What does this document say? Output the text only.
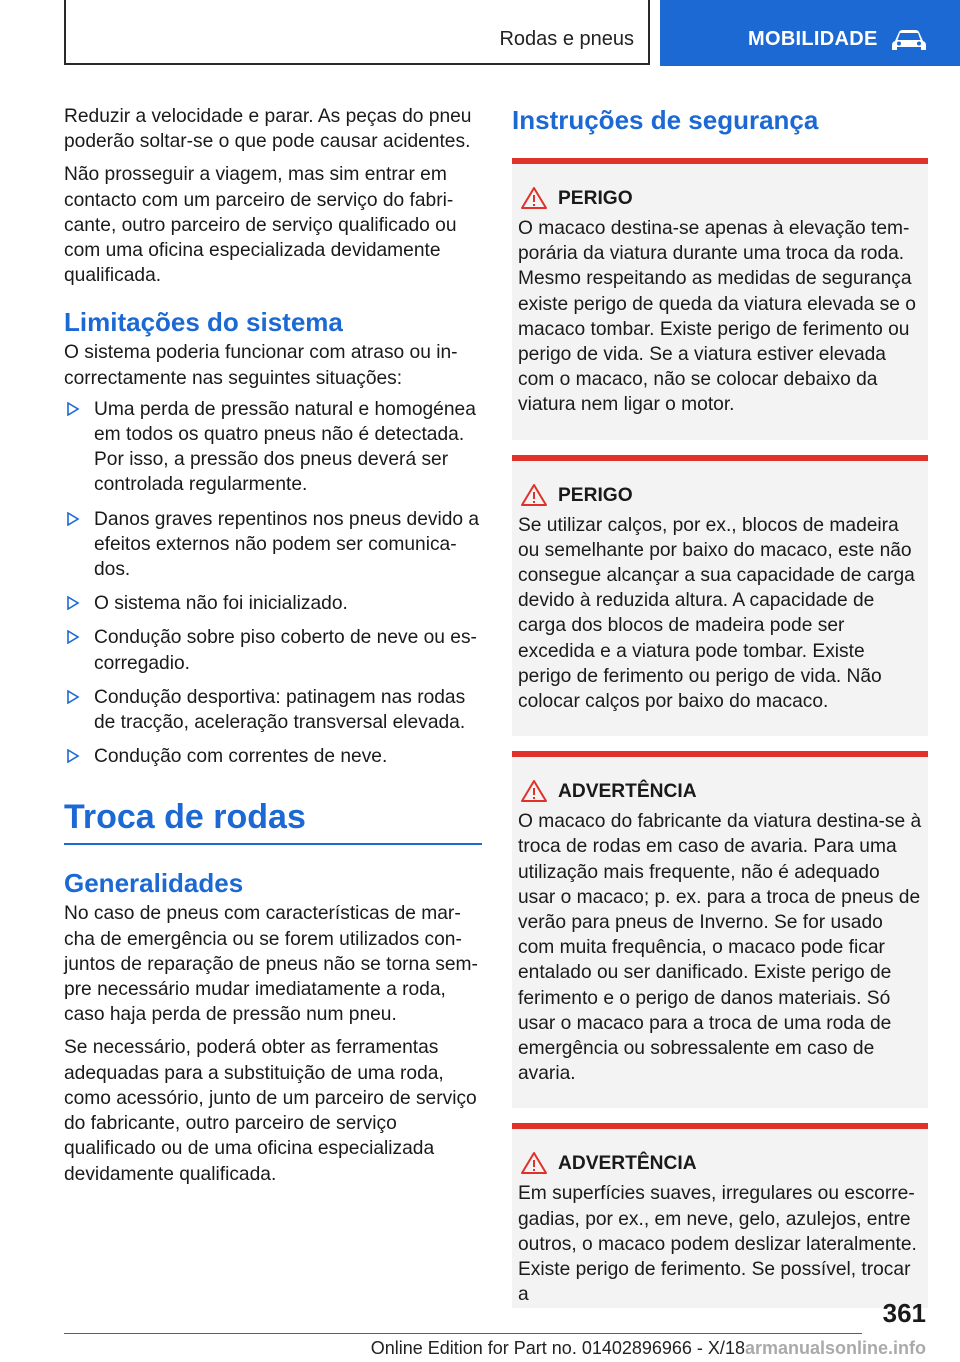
Rodas e pneus	MOBILIDADE

Reduzir a velocidade e parar. As peças do pneu poderão soltar-se o que pode causar acidentes.

Não prosseguir a viagem, mas sim entrar em contacto com um parceiro de serviço do fabricante, outro parceiro de serviço qualificado ou com uma oficina especializada devidamente qualificada.

Limitações do sistema

O sistema poderia funcionar com atraso ou incorrectamente nas seguintes situações:

Uma perda de pressão natural e homogénea em todos os quatro pneus não é detectada. Por isso, a pressão dos pneus deverá ser controlada regularmente.
Danos graves repentinos nos pneus devido a efeitos externos não podem ser comunicados.
O sistema não foi inicializado.
Condução sobre piso coberto de neve ou escorregadio.
Condução desportiva: patinagem nas rodas de tracção, aceleração transversal elevada.
Condução com correntes de neve.
Troca de rodas
Generalidades

No caso de pneus com características de marcha de emergência ou se forem utilizados conjuntos de reparação de pneus não se torna sempre necessário mudar imediatamente a roda, caso haja perda de pressão num pneu.

Se necessário, poderá obter as ferramentas adequadas para a substituição de uma roda, como acessório, junto de um parceiro de serviço do fabricante, outro parceiro de serviço qualificado ou de uma oficina especializada devidamente qualificada.

Instruções de segurança
PERIGO

O macaco destina-se apenas à elevação temporária da viatura durante uma troca da roda. Mesmo respeitando as medidas de segurança existe perigo de queda da viatura elevada se o macaco tombar. Existe perigo de ferimento ou perigo de vida. Se a viatura estiver elevada com o macaco, não se colocar debaixo da viatura nem ligar o motor.

PERIGO

Se utilizar calços, por ex., blocos de madeira ou semelhante por baixo do macaco, este não consegue alcançar a sua capacidade de carga devido à reduzida altura. A capacidade de carga dos blocos de madeira pode ser excedida e a viatura pode tombar. Existe perigo de ferimento ou perigo de vida. Não colocar calços por baixo do macaco.

ADVERTÊNCIA

O macaco do fabricante da viatura destina-se à troca de rodas em caso de avaria. Para uma utilização mais frequente, não é adequado usar o macaco; p. ex. para a troca de pneus de verão para pneus de Inverno. Se for usado com muita frequência, o macaco pode ficar entalado ou ser danificado. Existe perigo de ferimento e o perigo de danos materiais. Só usar o macaco para a troca de uma roda de emergência ou sobressalente em caso de avaria.

ADVERTÊNCIA

Em superfícies suaves, irregulares ou escorregadias, por ex., em neve, gelo, azulejos, entre outros, o macaco podem deslizar lateralmente. Existe perigo de ferimento. Se possível, trocar a

361
Online Edition for Part no. 01402896966 - X/18armanualsonline.info
